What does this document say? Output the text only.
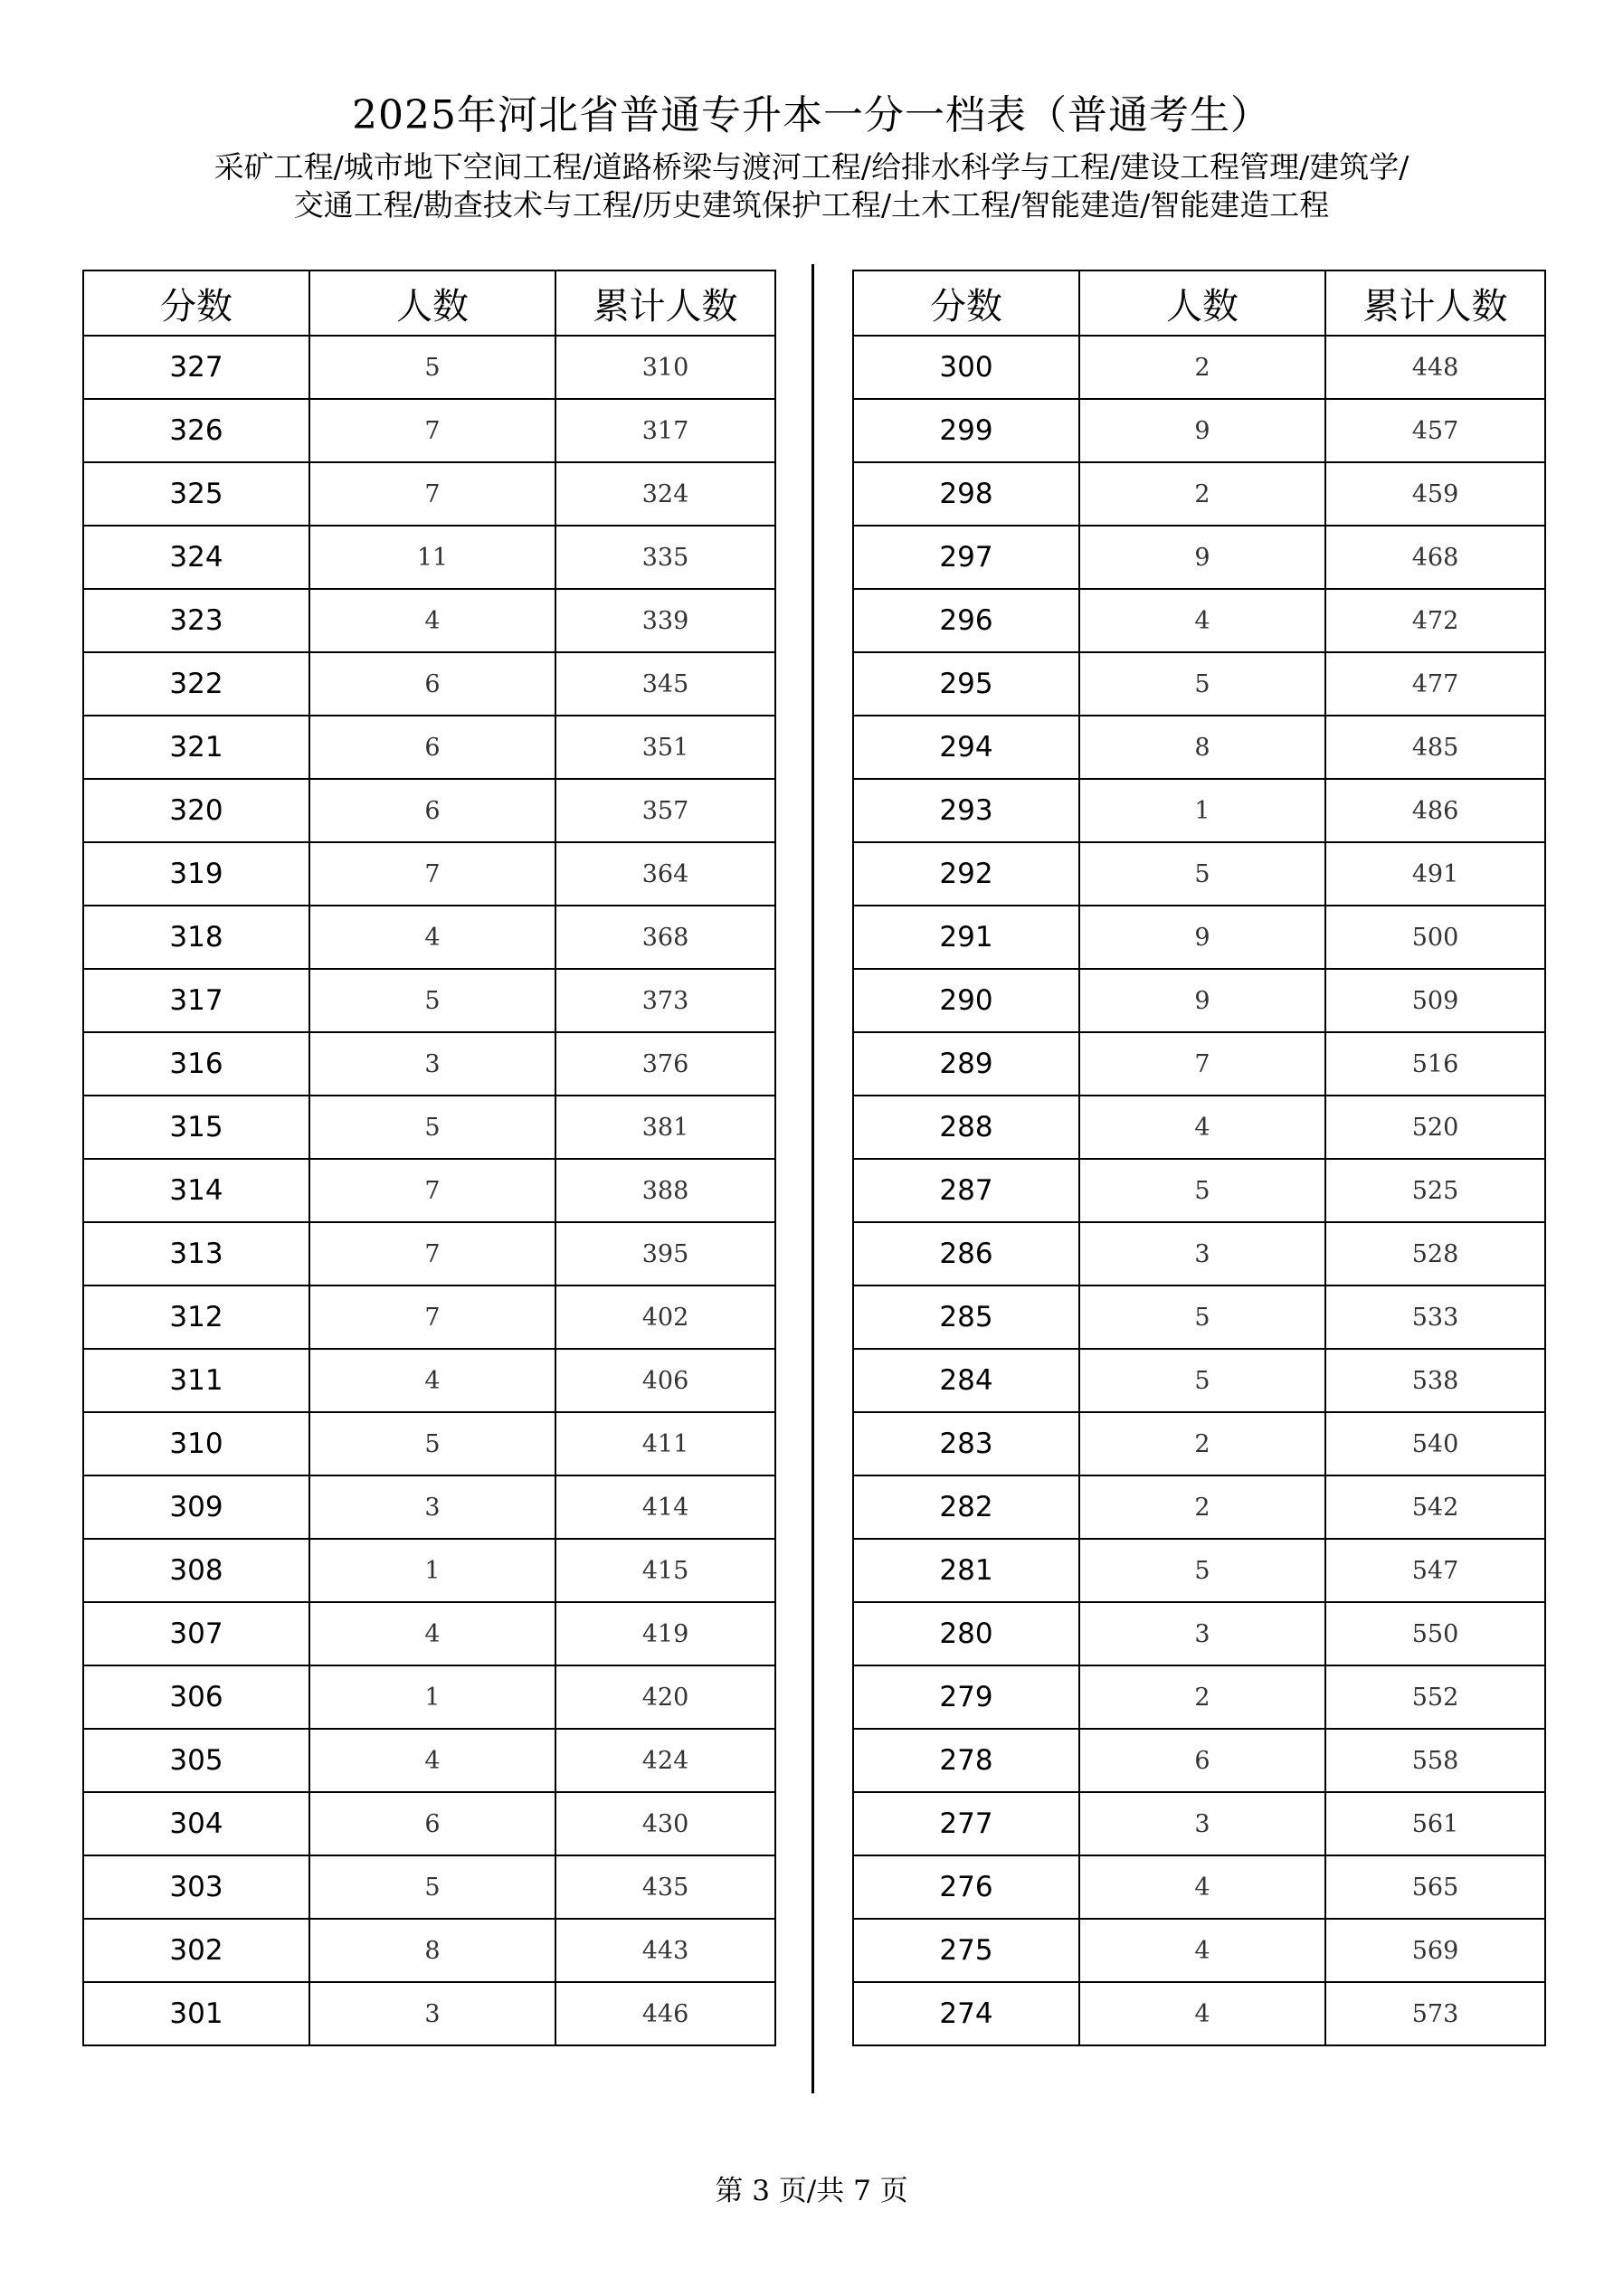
2025年河北省普通专升本一分一档表（普通考生）
采矿工程/城市地下空间工程/道路桥梁与渡河工程/给排水科学与工程/建设工程管理/建筑学/
交通工程/勘查技术与工程/历史建筑保护工程/土木工程/智能建造/智能建造工程
分数	人数	累计人数
327	5	310
326	7	317
325	7	324
324	11	335
323	4	339
322	6	345
321	6	351
320	6	357
319	7	364
318	4	368
317	5	373
316	3	376
315	5	381
314	7	388
313	7	395
312	7	402
311	4	406
310	5	411
309	3	414
308	1	415
307	4	419
306	1	420
305	4	424
304	6	430
303	5	435
302	8	443
301	3	446
分数	人数	累计人数
300	2	448
299	9	457
298	2	459
297	9	468
296	4	472
295	5	477
294	8	485
293	1	486
292	5	491
291	9	500
290	9	509
289	7	516
288	4	520
287	5	525
286	3	528
285	5	533
284	5	538
283	2	540
282	2	542
281	5	547
280	3	550
279	2	552
278	6	558
277	3	561
276	4	565
275	4	569
274	4	573
第 3 页/共 7 页
